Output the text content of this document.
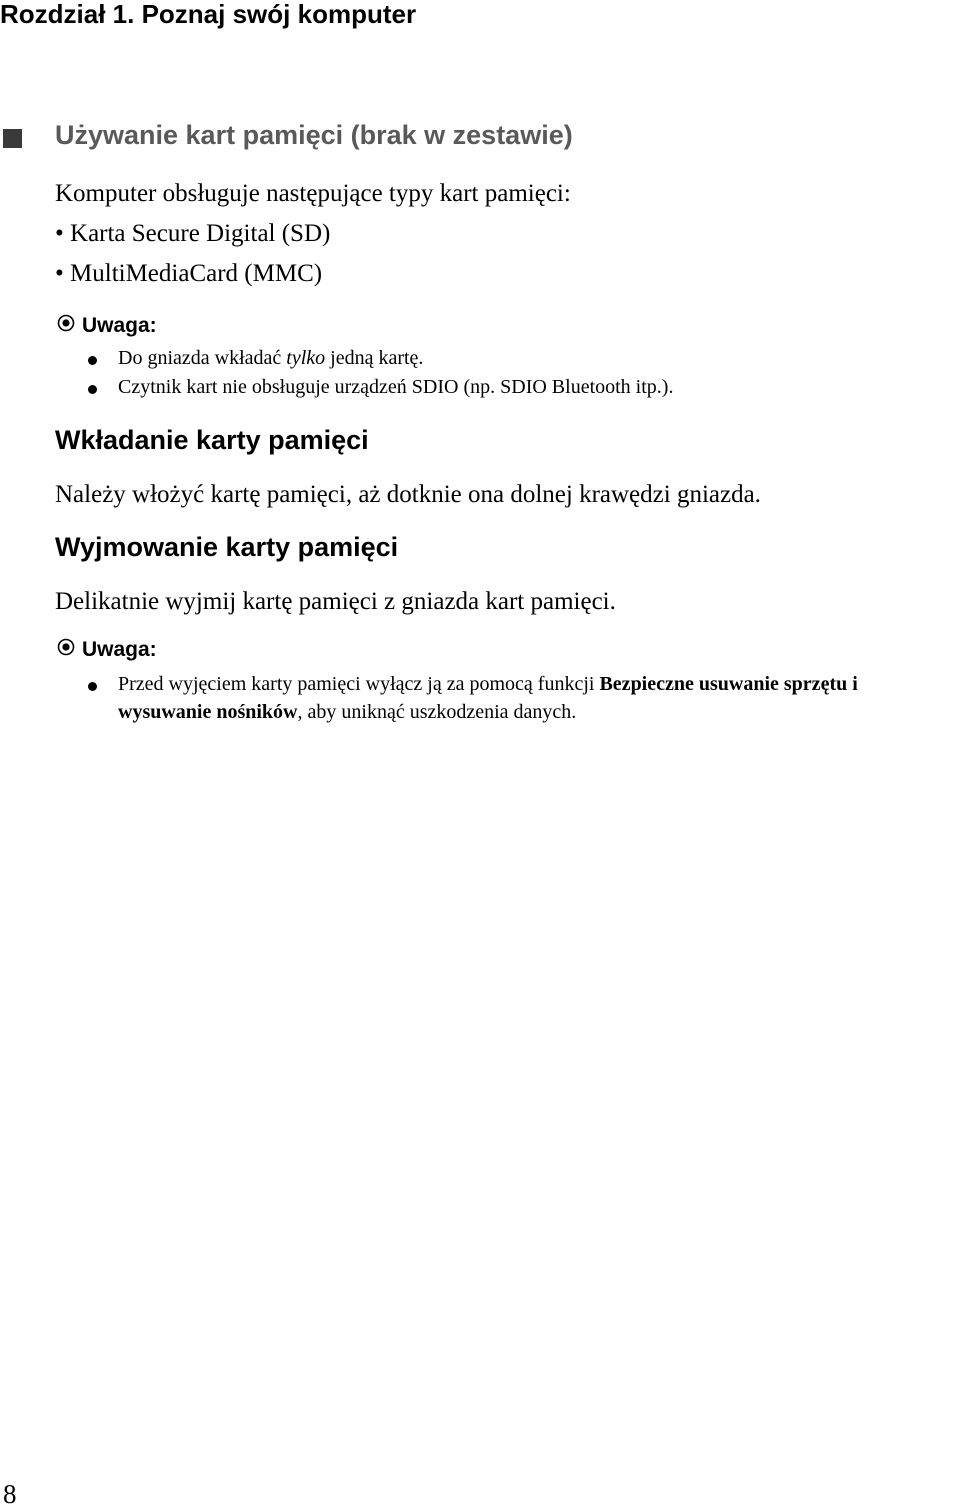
Rozdział 1. Poznaj swój komputer
Używanie kart pamięci (brak w zestawie)
Komputer obsługuje następujące typy kart pamięci:
• Karta Secure Digital (SD)
• MultiMediaCard (MMC)
Uwaga:
Do gniazda wkładać tylko jedną kartę.
Czytnik kart nie obsługuje urządzeń SDIO (np. SDIO Bluetooth itp.).
Wkładanie karty pamięci
Należy włożyć kartę pamięci, aż dotknie ona dolnej krawędzi gniazda.
Wyjmowanie karty pamięci
Delikatnie wyjmij kartę pamięci z gniazda kart pamięci.
Uwaga:
Przed wyjęciem karty pamięci wyłącz ją za pomocą funkcji Bezpieczne usuwanie sprzętu i
wysuwanie nośników, aby uniknąć uszkodzenia danych.
8
